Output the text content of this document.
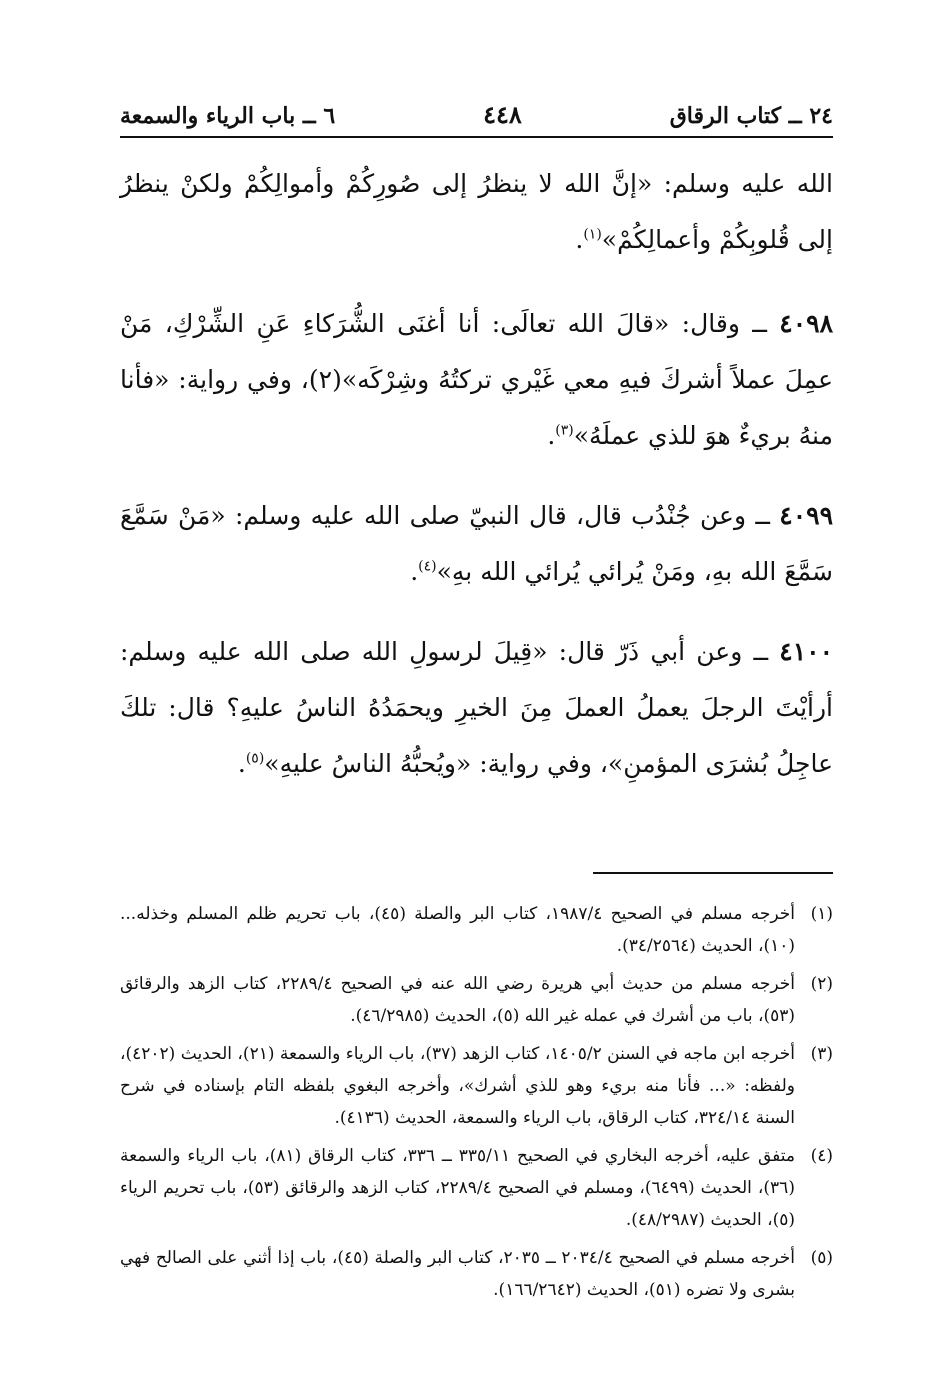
٢٤ ــ كتاب الرقاق
٤٤٨
٦ ــ باب الرياء والسمعة

الله عليه وسلم: «إنَّ الله لا ينظرُ إلى صُورِكُمْ وأموالِكُمْ ولكنْ ينظرُ إلى قُلوبِكُمْ وأعمالِكُمْ»$^{(١)}$.

٤٠٩٨ ــ وقال: «قالَ الله تعالَى: أنا أغنَى الشُّرَكاءِ عَنِ الشِّرْكِ، مَنْ عمِلَ عملاً أشركَ فيهِ معي غَيْري تركتُهُ وشِرْكَه»(٢)، وفي رواية: «فأنا منهُ بريءٌ هوَ للذي عملَهُ»$^{(٣)}$.

٤٠٩٩ ــ وعن جُنْدُب قال، قال النبيّ صلى الله عليه وسلم: «مَنْ سَمَّعَ سَمَّعَ الله بهِ، ومَنْ يُرائي يُرائي الله بهِ»$^{(٤)}$.

٤١٠٠ ــ وعن أبي ذَرّ قال: «قِيلَ لرسولِ الله صلى الله عليه وسلم: أرأيْتَ الرجلَ يعملُ العملَ مِنَ الخيرِ ويحمَدُهُ الناسُ عليهِ؟ قال: تلكَ عاجِلُ بُشرَى المؤمنِ»، وفي رواية: «ويُحبُّهُ الناسُ عليهِ»$^{(٥)}$.

(١)
أخرجه مسلم في الصحيح ١٩٨٧/٤، كتاب البر والصلة (٤٥)، باب تحريم ظلم المسلم وخذله... (١٠)، الحديث (٣٤/٢٥٦٤).
(٢)
أخرجه مسلم من حديث أبي هريرة رضي الله عنه في الصحيح ٢٢٨٩/٤، كتاب الزهد والرقائق (٥٣)، باب من أشرك في عمله غير الله (٥)، الحديث (٤٦/٢٩٨٥).
(٣)
أخرجه ابن ماجه في السنن ١٤٠٥/٢، كتاب الزهد (٣٧)، باب الرياء والسمعة (٢١)، الحديث (٤٢٠٢)، ولفظه: «... فأنا منه بريء وهو للذي أشرك»، وأخرجه البغوي بلفظه التام بإسناده في شرح السنة ٣٢٤/١٤، كتاب الرقاق، باب الرياء والسمعة، الحديث (٤١٣٦).
(٤)
متفق عليه، أخرجه البخاري في الصحيح ٣٣٥/١١ ــ ٣٣٦، كتاب الرقاق (٨١)، باب الرياء والسمعة (٣٦)، الحديث (٦٤٩٩)، ومسلم في الصحيح ٢٢٨٩/٤، كتاب الزهد والرقائق (٥٣)، باب تحريم الرياء (٥)، الحديث (٤٨/٢٩٨٧).
(٥)
أخرجه مسلم في الصحيح ٢٠٣٤/٤ ــ ٢٠٣٥، كتاب البر والصلة (٤٥)، باب إذا أثني على الصالح فهي بشرى ولا تضره (٥١)، الحديث (١٦٦/٢٦٤٢).
